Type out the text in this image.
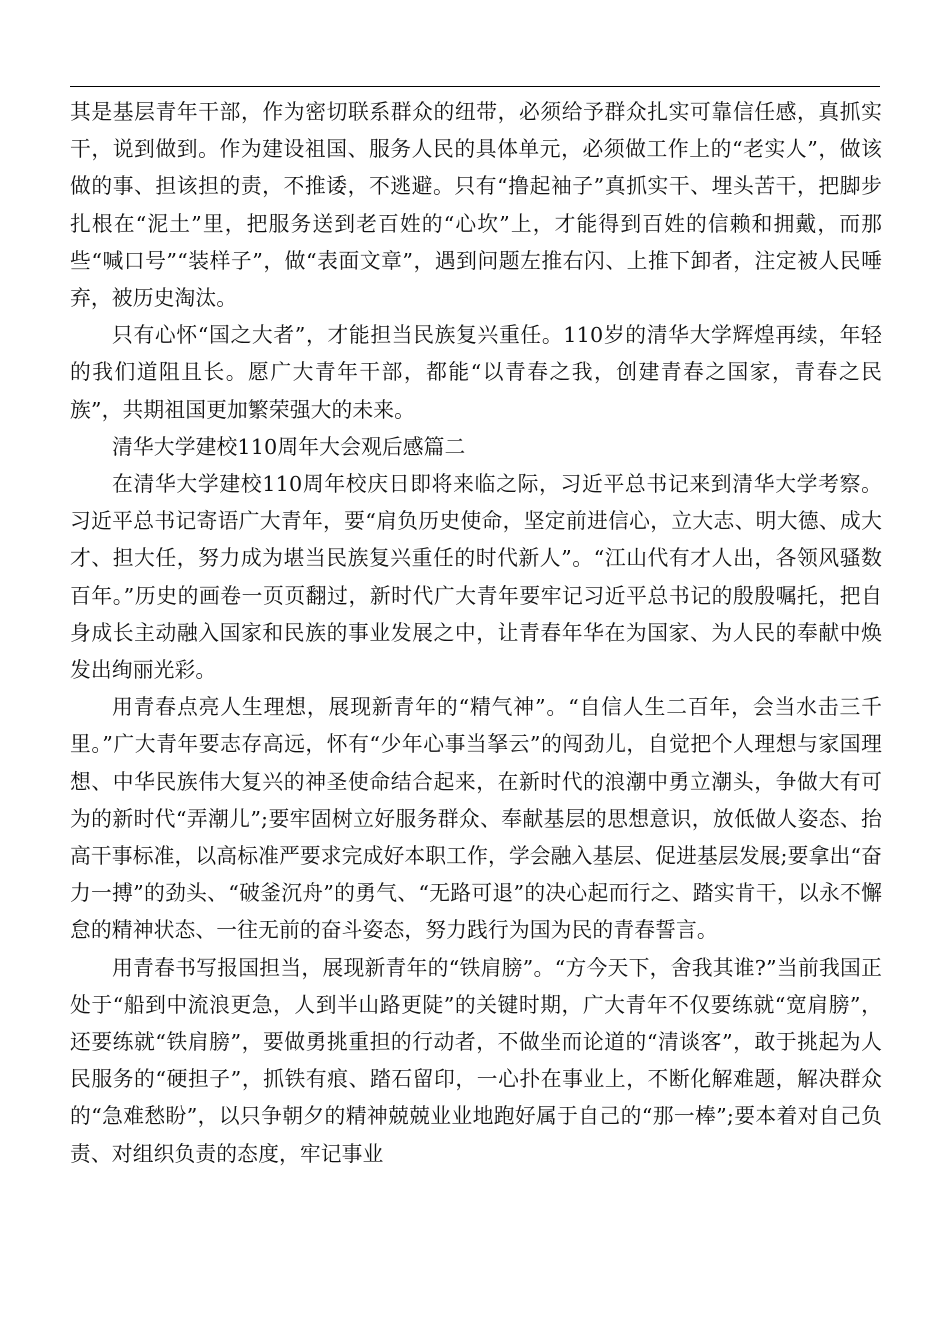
其是基层青年干部，作为密切联系群众的纽带，必须给予群众扎实可靠信任感，真抓实干，说到做到。作为建设祖国、服务人民的具体单元，必须做工作上的“老实人”，做该做的事、担该担的责，不推诿，不逃避。只有“撸起袖子”真抓实干、埋头苦干，把脚步扎根在“泥土”里，把服务送到老百姓的“心坎”上，才能得到百姓的信赖和拥戴，而那些“喊口号”“装样子”，做“表面文章”，遇到问题左推右闪、上推下卸者，注定被人民唾弃，被历史淘汰。

只有心怀“国之大者”，才能担当民族复兴重任。110岁的清华大学辉煌再续，年轻的我们道阻且长。愿广大青年干部，都能“以青春之我，创建青春之国家，青春之民族”，共期祖国更加繁荣强大的未来。

清华大学建校110周年大会观后感篇二

在清华大学建校110周年校庆日即将来临之际，习近平总书记来到清华大学考察。习近平总书记寄语广大青年，要“肩负历史使命，坚定前进信心，立大志、明大德、成大才、担大任，努力成为堪当民族复兴重任的时代新人”。“江山代有才人出，各领风骚数百年。”历史的画卷一页页翻过，新时代广大青年要牢记习近平总书记的殷殷嘱托，把自身成长主动融入国家和民族的事业发展之中，让青春年华在为国家、为人民的奉献中焕发出绚丽光彩。

用青春点亮人生理想，展现新青年的“精气神”。“自信人生二百年，会当水击三千里。”广大青年要志存高远，怀有“少年心事当拏云”的闯劲儿，自觉把个人理想与家国理想、中华民族伟大复兴的神圣使命结合起来，在新时代的浪潮中勇立潮头，争做大有可为的新时代“弄潮儿”;要牢固树立好服务群众、奉献基层的思想意识，放低做人姿态、抬高干事标准，以高标准严要求完成好本职工作，学会融入基层、促进基层发展;要拿出“奋力一搏”的劲头、“破釜沉舟”的勇气、“无路可退”的决心起而行之、踏实肯干，以永不懈怠的精神状态、一往无前的奋斗姿态，努力践行为国为民的青春誓言。

用青春书写报国担当，展现新青年的“铁肩膀”。“方今天下，舍我其谁?”当前我国正处于“船到中流浪更急，人到半山路更陡”的关键时期，广大青年不仅要练就“宽肩膀”，还要练就“铁肩膀”，要做勇挑重担的行动者，不做坐而论道的“清谈客”，敢于挑起为人民服务的“硬担子”，抓铁有痕、踏石留印，一心扑在事业上，不断化解难题，解决群众的“急难愁盼”，以只争朝夕的精神兢兢业业地跑好属于自己的“那一棒”;要本着对自己负责、对组织负责的态度，牢记事业
